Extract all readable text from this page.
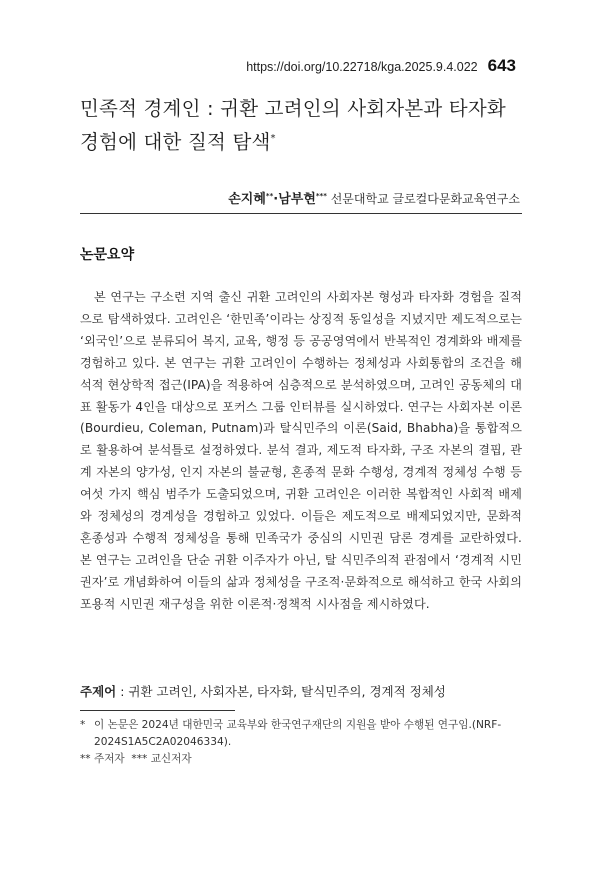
https://doi.org/10.22718/kga.2025.9.4.022 643
민족적 경계인 : 귀환 고려인의 사회자본과 타자화 경험에 대한 질적 탐색*
손지혜**·남부현*** 선문대학교 글로컬다문화교육연구소
논문요약
본 연구는 구소련 지역 출신 귀환 고려인의 사회자본 형성과 타자화 경험을 질적으로 탐색하였다. 고려인은 ‘한민족’이라는 상징적 동일성을 지녔지만 제도적으로는 ‘외국인’으로 분류되어 복지, 교육, 행정 등 공공영역에서 반복적인 경계화와 배제를 경험하고 있다. 본 연구는 귀환 고려인이 수행하는 정체성과 사회통합의 조건을 해석적 현상학적 접근(IPA)을 적용하여 심층적으로 분석하였으며, 고려인 공동체의 대표 활동가 4인을 대상으로 포커스 그룹 인터뷰를 실시하였다. 연구는 사회자본 이론(Bourdieu, Coleman, Putnam)과 탈식민주의 이론(Said, Bhabha)을 통합적으로 활용하여 분석틀로 설정하였다. 분석 결과, 제도적 타자화, 구조 자본의 결핍, 관계 자본의 양가성, 인지 자본의 불균형, 혼종적 문화 수행성, 경계적 정체성 수행 등 여섯 가지 핵심 범주가 도출되었으며, 귀환 고려인은 이러한 복합적인 사회적 배제와 정체성의 경계성을 경험하고 있었다. 이들은 제도적으로 배제되었지만, 문화적 혼종성과 수행적 정체성을 통해 민족국가 중심의 시민권 담론 경계를 교란하였다. 본 연구는 고려인을 단순 귀환 이주자가 아닌, 탈 식민주의적 관점에서 ‘경계적 시민권자’로 개념화하여 이들의 삶과 정체성을 구조적·문화적으로 해석하고 한국 사회의 포용적 시민권 재구성을 위한 이론적·정책적 시사점을 제시하였다.
주제어 : 귀환 고려인, 사회자본, 타자화, 탈식민주의, 경계적 정체성
* 이 논문은 2024년 대한민국 교육부와 한국연구재단의 지원을 받아 수행된 연구임.(NRF-2024S1A5C2A02046334).
**
주저자
***
교신저자
